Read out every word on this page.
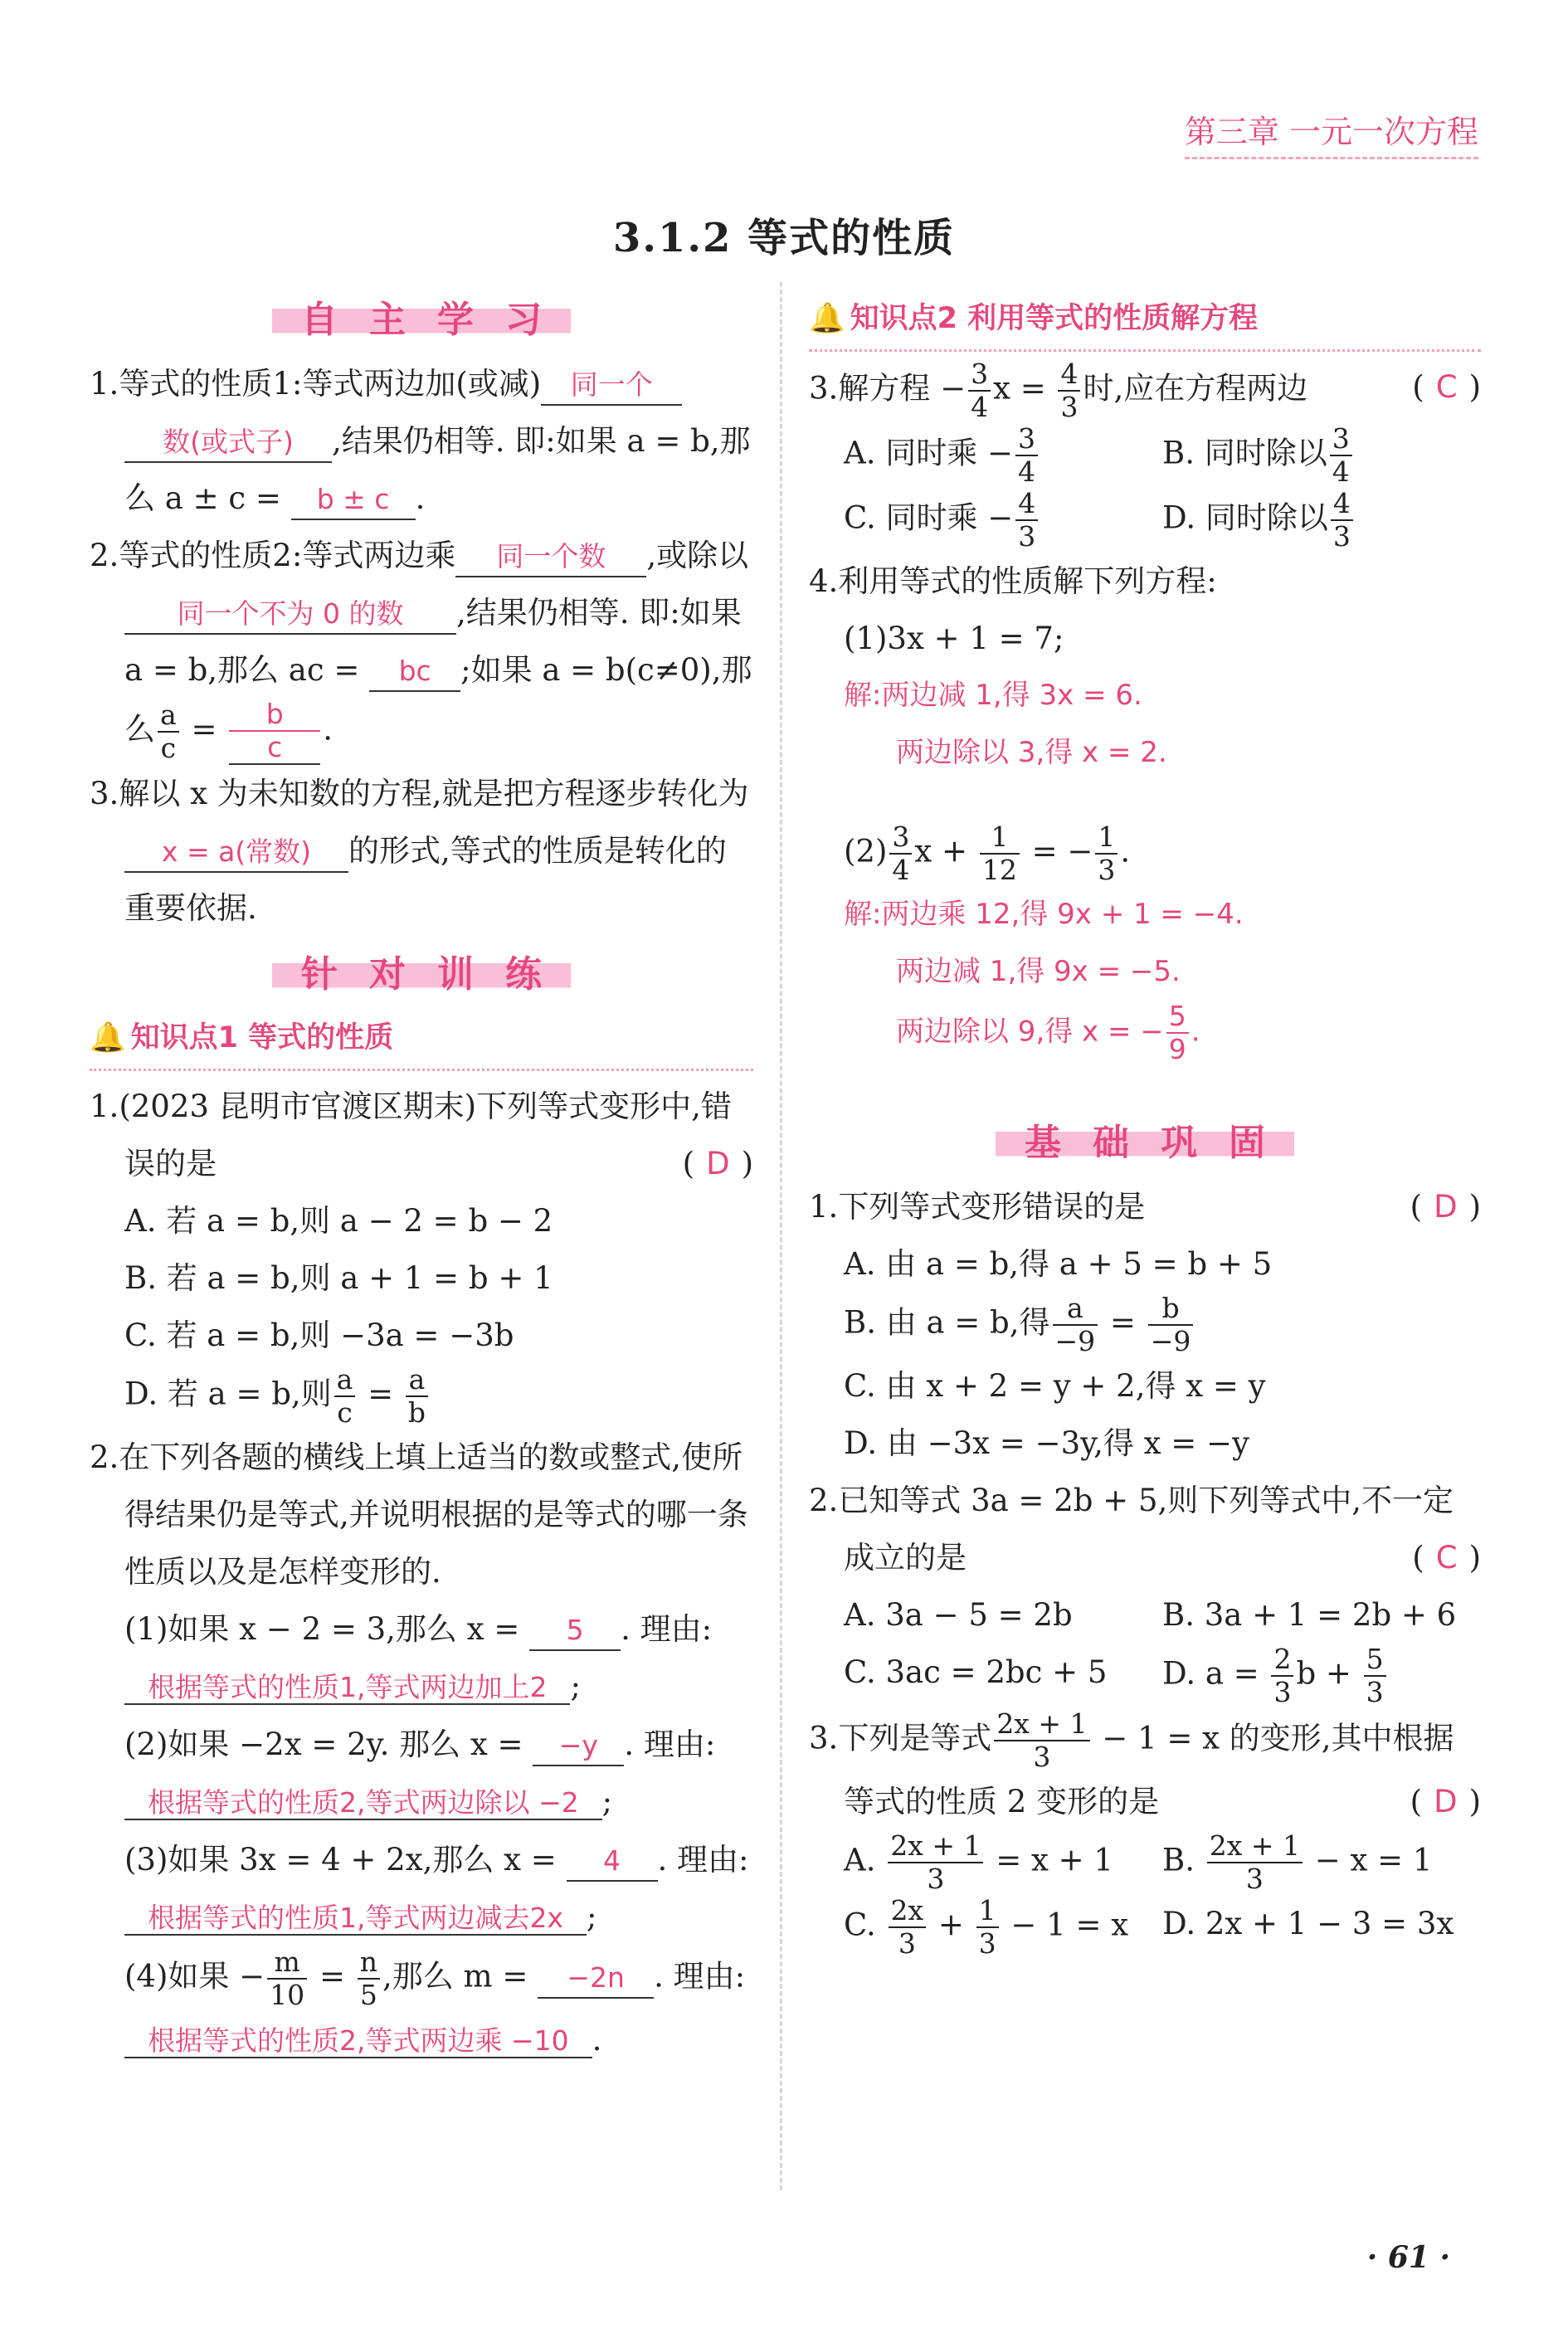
第三章 一元一次方程
3.1.2 等式的性质
自 主 学 习

1.等式的性质1:等式两边加(或减) 同一个数(或式子) ,结果仍相等. 即:如果 a = b,那么 a ± c = b ± c .

2.等式的性质2:等式两边乘 同一个数 ,或除以同一个不为 0 的数 ,结果仍相等. 即:如果a = b,那么 ac = bc ;如果 a = b(c≠0),那么 $\frac{a}{c} = \frac{b}{c}$ .

3.解以 x 为未知数的方程,就是把方程逐步转化为x = a(常数) 的形式,等式的性质是转化的重要依据.

针 对 训 练
🔔 知识点1 等式的性质

1.(2023 昆明市官渡区期末)下列等式变形中,错误的是	( D )

A. 若 a = b,则 a − 2 = b − 2
B. 若 a = b,则 a + 1 = b + 1
C. 若 a = b,则 −3a = −3b
D. 若 a = b,则 $\frac{a}{c} = \frac{a}{b}$

2.在下列各题的横线上填上适当的数或整式,使所得结果仍是等式,并说明根据的是等式的哪一条性质以及是怎样变形的.

(1)如果 x − 2 = 3,那么 x = 5 . 理由:
根据等式的性质1,等式两边加上2 ;
(2)如果 −2x = 2y. 那么 x = −y . 理由:
根据等式的性质2,等式两边除以 −2 ;
(3)如果 3x = 4 + 2x,那么 x = 4 . 理由:
根据等式的性质1,等式两边减去2x ;
(4)如果 − $\frac{m}{10} = \frac{n}{5}$ ,那么 m = −2n . 理由:
根据等式的性质2,等式两边乘 −10 .
🔔 知识点2 利用等式的性质解方程

3.解方程 − $\frac{3}{4}$ $x = \frac{4}{3}$ 时,应在方程两边	( C )

A. 同时乘 − $\frac{3}{4}$	B. 同时除以 $\frac{3}{4}$
C. 同时乘 − $\frac{4}{3}$	D. 同时除以 $\frac{4}{3}$

4.利用等式的性质解下列方程:

(1)3x + 1 = 7;
解:两边减 1,得 3x = 6.
两边除以 3,得 x = 2.
$(2) \frac{3}{4}$ $x + \frac{1}{12}$ = − $\frac{1}{3}$ .
解:两边乘 12,得 9x + 1 = −4.
两边减 1,得 9x = −5.
两边除以 9,得 x = − $\frac{5}{9}$ .
基 础 巩 固

1.下列等式变形错误的是	( D )

A. 由 a = b,得 a + 5 = b + 5
B. 由 a = b,得 $\frac{a}{-9} = \frac{b}{-9}$
C. 由 x + 2 = y + 2,得 x = y
D. 由 −3x = −3y,得 x = −y

2.已知等式 3a = 2b + 5,则下列等式中,不一定成立的是	( C )

A. 3a − 5 = 2b	B. 3a + 1 = 2b + 6
C. 3ac = 2bc + 5	D. $a = \frac{2}{3}$ $b + \frac{5}{3}$

3.下列是等式 $\frac{2x + 1}{3} - 1 = x$ 的变形,其中根据等式的性质 2 变形的是	( D )

A. $\frac{2x + 1}{3} = x + 1$	B. $\frac{2x + 1}{3} - x = 1$
C. $\frac{2x}{3} + \frac{1}{3} - 1 = x$	D. 2x + 1 − 3 = 3x
· 61 ·
